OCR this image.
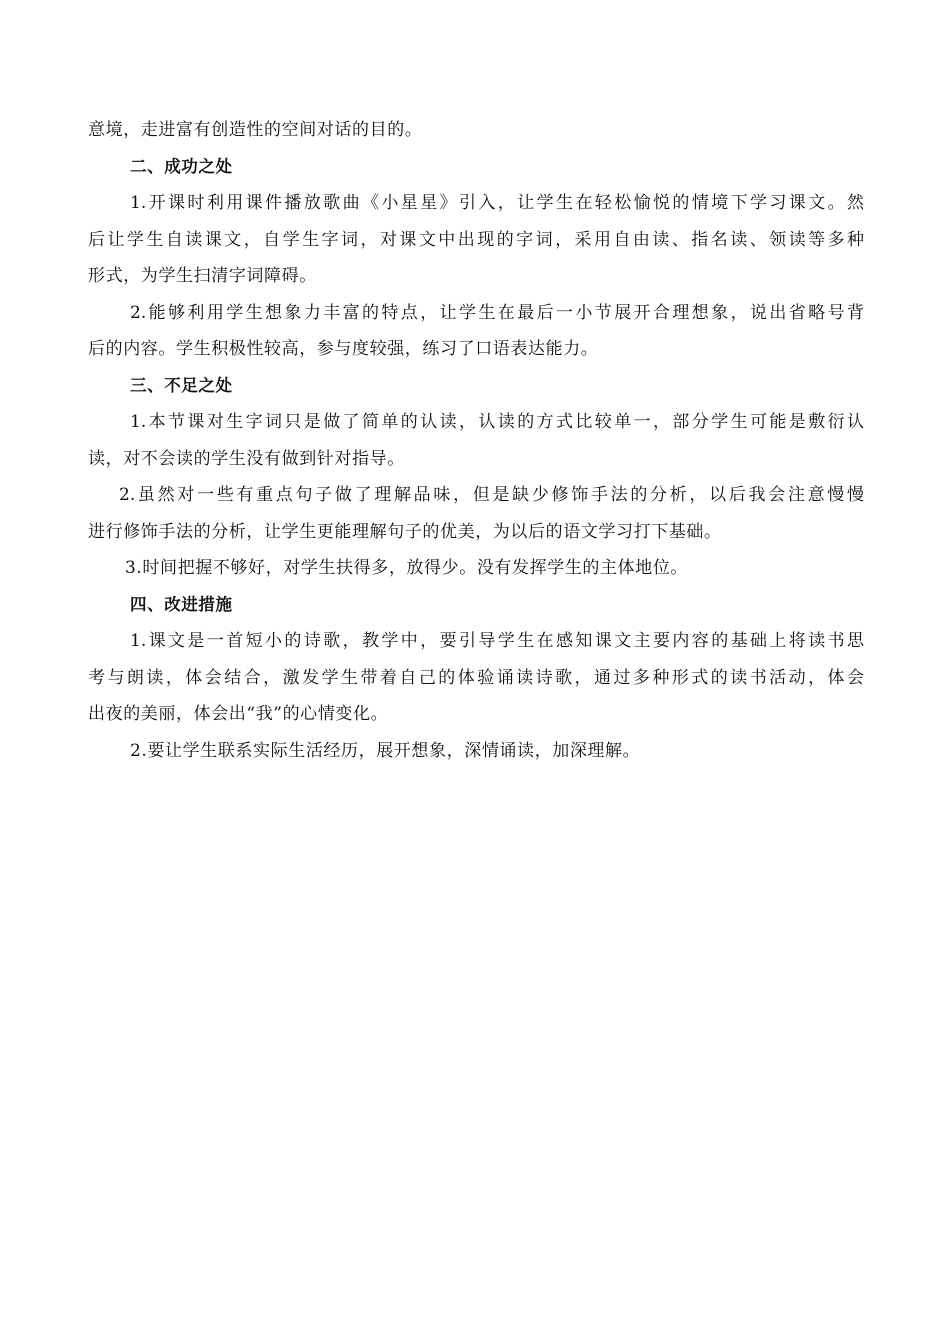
意境，走进富有创造性的空间对话的目的。
二、成功之处
1.开课时利用课件播放歌曲《小星星》引入，让学生在轻松愉悦的情境下学习课文。然
后让学生自读课文，自学生字词，对课文中出现的字词，采用自由读、指名读、领读等多种
形式，为学生扫清字词障碍。
2.能够利用学生想象力丰富的特点，让学生在最后一小节展开合理想象，说出省略号背
后的内容。学生积极性较高，参与度较强，练习了口语表达能力。
三、不足之处
1.本节课对生字词只是做了简单的认读，认读的方式比较单一，部分学生可能是敷衍认
读，对不会读的学生没有做到针对指导。
2.虽然对一些有重点句子做了理解品味，但是缺少修饰手法的分析，以后我会注意慢慢
进行修饰手法的分析，让学生更能理解句子的优美，为以后的语文学习打下基础。
3.时间把握不够好，对学生扶得多，放得少。没有发挥学生的主体地位。
四、改进措施
1.课文是一首短小的诗歌，教学中，要引导学生在感知课文主要内容的基础上将读书思
考与朗读，体会结合，激发学生带着自己的体验诵读诗歌，通过多种形式的读书活动，体会
出夜的美丽，体会出“我”的心情变化。
2.要让学生联系实际生活经历，展开想象，深情诵读，加深理解。
